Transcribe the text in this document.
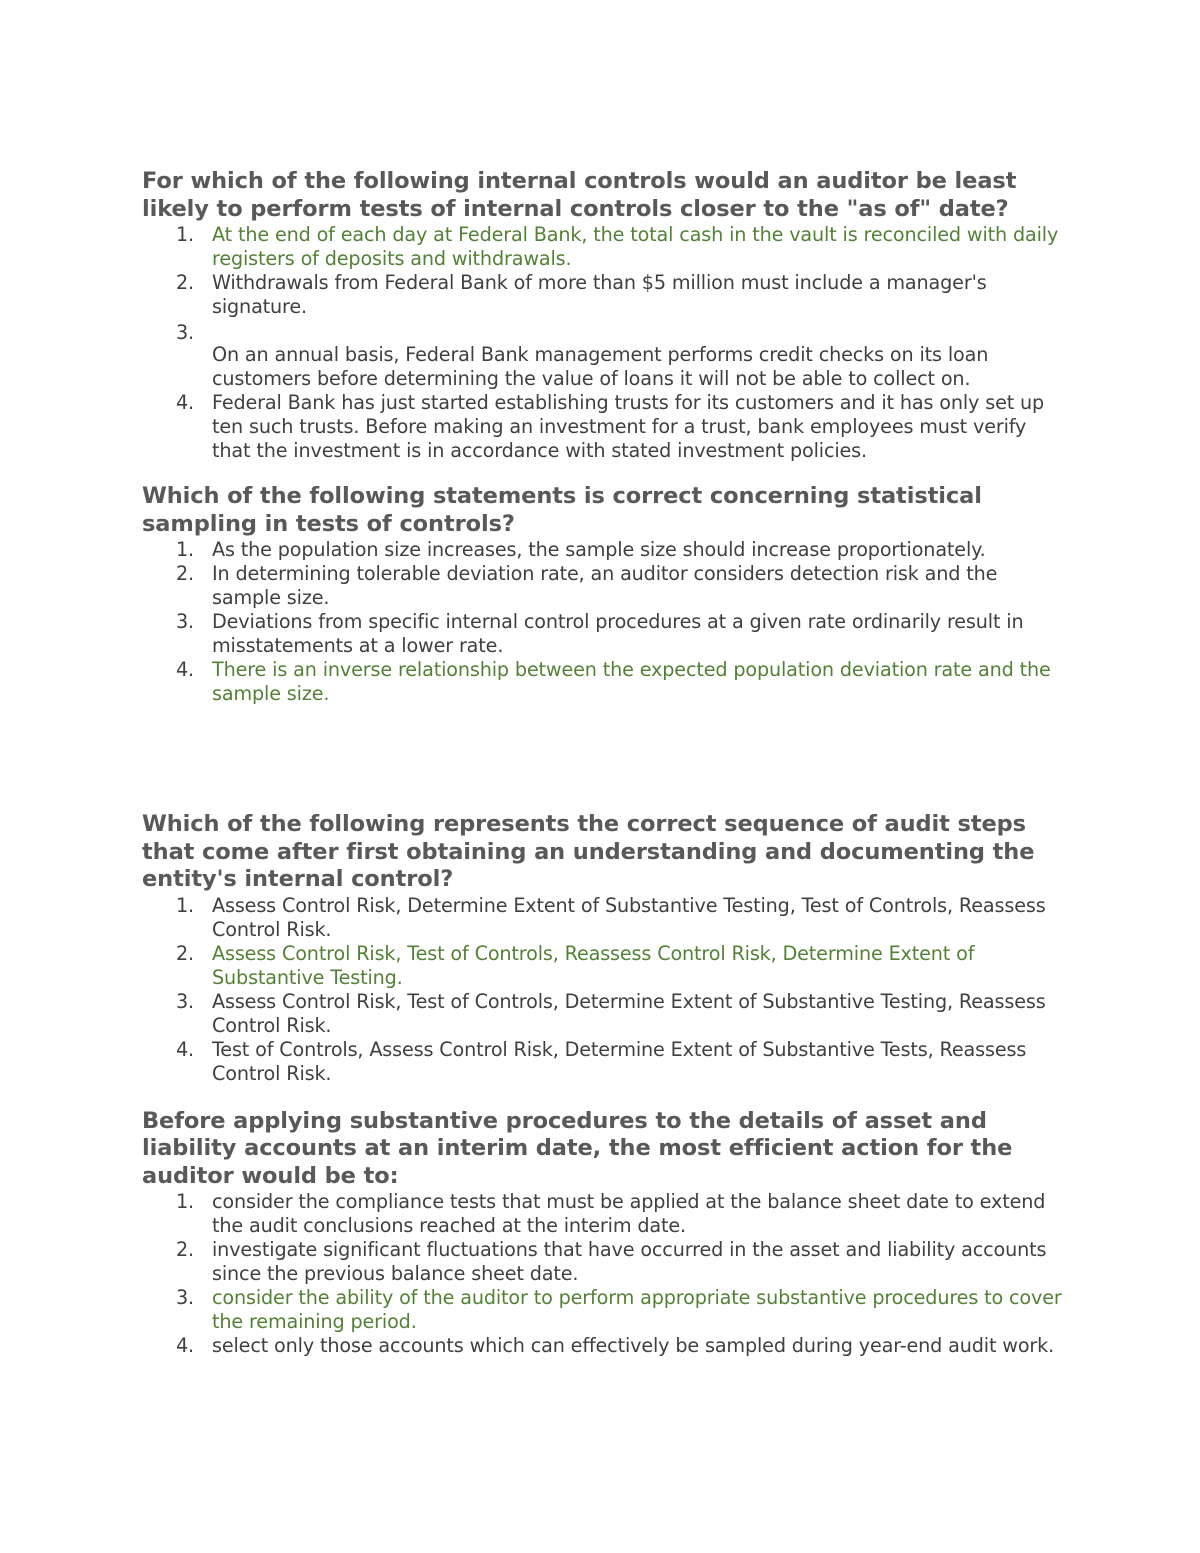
For which of the following internal controls would an auditor be least likely to perform tests of internal controls closer to the "as of" date?

1. At the end of each day at Federal Bank, the total cash in the vault is reconciled with daily registers of deposits and withdrawals.
2. Withdrawals from Federal Bank of more than $5 million must include a manager's signature.
3.
On an annual basis, Federal Bank management performs credit checks on its loan customers before determining the value of loans it will not be able to collect on.
4. Federal Bank has just started establishing trusts for its customers and it has only set up ten such trusts. Before making an investment for a trust, bank employees must verify that the investment is in accordance with stated investment policies.

Which of the following statements is correct concerning statistical sampling in tests of controls?

1. As the population size increases, the sample size should increase proportionately.
2. In determining tolerable deviation rate, an auditor considers detection risk and the sample size.
3. Deviations from specific internal control procedures at a given rate ordinarily result in misstatements at a lower rate.
4. There is an inverse relationship between the expected population deviation rate and the sample size.

Which of the following represents the correct sequence of audit steps that come after first obtaining an understanding and documenting the entity's internal control?

1. Assess Control Risk, Determine Extent of Substantive Testing, Test of Controls, Reassess Control Risk.
2. Assess Control Risk, Test of Controls, Reassess Control Risk, Determine Extent of Substantive Testing.
3. Assess Control Risk, Test of Controls, Determine Extent of Substantive Testing, Reassess Control Risk.
4. Test of Controls, Assess Control Risk, Determine Extent of Substantive Tests, Reassess Control Risk.

Before applying substantive procedures to the details of asset and liability accounts at an interim date, the most efficient action for the auditor would be to:

1. consider the compliance tests that must be applied at the balance sheet date to extend the audit conclusions reached at the interim date.
2. investigate significant fluctuations that have occurred in the asset and liability accounts since the previous balance sheet date.
3. consider the ability of the auditor to perform appropriate substantive procedures to cover the remaining period.
4. select only those accounts which can effectively be sampled during year-end audit work.
